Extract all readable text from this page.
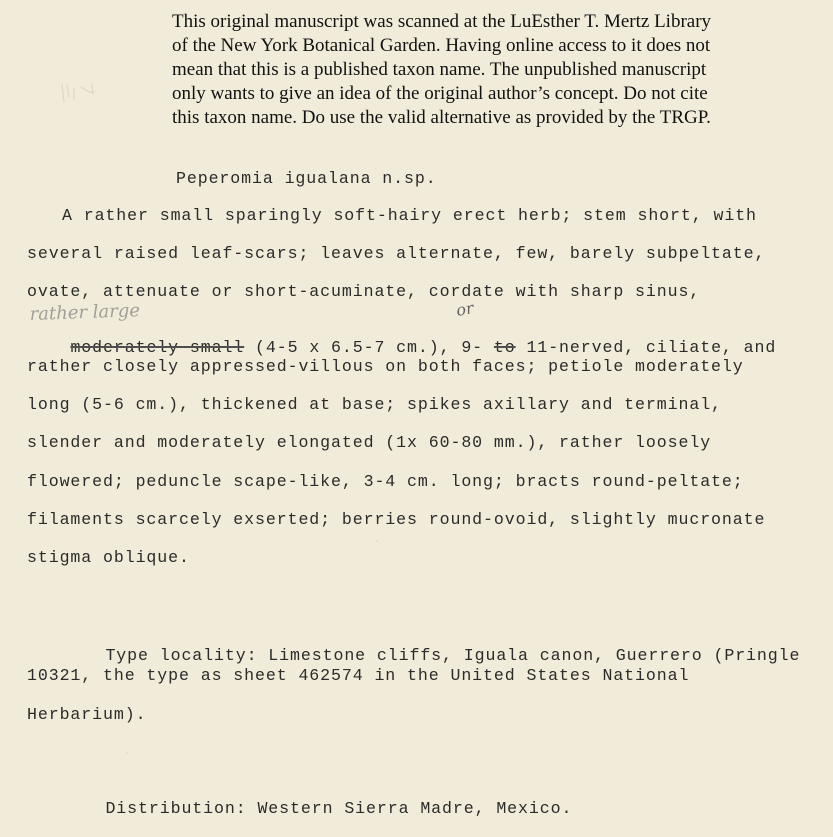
This original manuscript was scanned at the LuEsther T. Mertz Library
of the New York Botanical Garden. Having online access to it does not
mean that this is a published taxon name. The unpublished manuscript
only wants to give an idea of the original author’s concept. Do not cite
this taxon name. Do use the valid alternative as provided by the TRGP.
Peperomia igualana n.sp.
A rather small sparingly soft-hairy erect herb; stem short, with
several raised leaf-scars; leaves alternate, few, barely subpeltate,
ovate, attenuate or short-acuminate, cordate with sharp sinus,

moderately small (4-5 x 6.5-7 cm.), 9- to 11-nerved, ciliate, and

rather large	or
rather closely appressed-villous on both faces; petiole moderately
long (5-6 cm.), thickened at base; spikes axillary and terminal,
slender and moderately elongated (1x 60-80 mm.), rather loosely
flowered; peduncle scape-like, 3-4 cm. long; bracts round-peltate;
filaments scarcely exserted; berries round-ovoid, slightly mucronate
stigma oblique.

Type locality: Limestone cliffs, Iguala canon, Guerrero (Pringle

10321, the type as sheet 462574 in the United States National
Herbarium).

Distribution: Western Sierra Madre, Mexico.
